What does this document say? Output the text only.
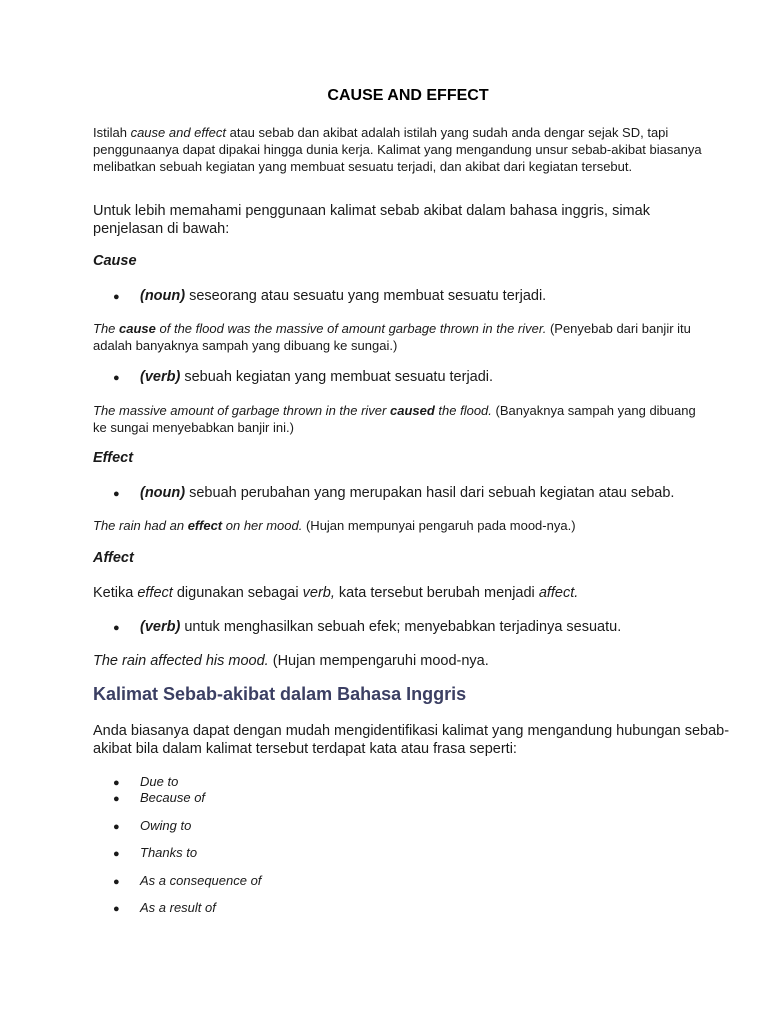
CAUSE AND EFFECT

Istilah cause and effect atau sebab dan akibat adalah istilah yang sudah anda dengar sejak SD, tapi penggunaanya dapat dipakai hingga dunia kerja. Kalimat yang mengandung unsur sebab-akibat biasanya melibatkan sebuah kegiatan yang membuat sesuatu terjadi, dan akibat dari kegiatan tersebut.

Untuk lebih memahami penggunaan kalimat sebab akibat dalam bahasa inggris, simak penjelasan di bawah:

Cause

●	(noun) seseorang atau sesuatu yang membuat sesuatu terjadi.

The cause of the flood was the massive of amount garbage thrown in the river. (Penyebab dari banjir itu adalah banyaknya sampah yang dibuang ke sungai.)

●	(verb) sebuah kegiatan yang membuat sesuatu terjadi.

The massive amount of garbage thrown in the river caused the flood. (Banyaknya sampah yang dibuang ke sungai menyebabkan banjir ini.)

Effect

●	(noun) sebuah perubahan yang merupakan hasil dari sebuah kegiatan atau sebab.

The rain had an effect on her mood. (Hujan mempunyai pengaruh pada mood-nya.)

Affect

Ketika effect digunakan sebagai verb, kata tersebut berubah menjadi affect.

●	(verb) untuk menghasilkan sebuah efek; menyebabkan terjadinya sesuatu.

The rain affected his mood. (Hujan mempengaruhi mood-nya.

Kalimat Sebab-akibat dalam Bahasa Inggris

Anda biasanya dapat dengan mudah mengidentifikasi kalimat yang mengandung hubungan sebab-akibat bila dalam kalimat tersebut terdapat kata atau frasa seperti:

●	Due to
●	Because of
●	Owing to
●	Thanks to
●	As a consequence of
●	As a result of
